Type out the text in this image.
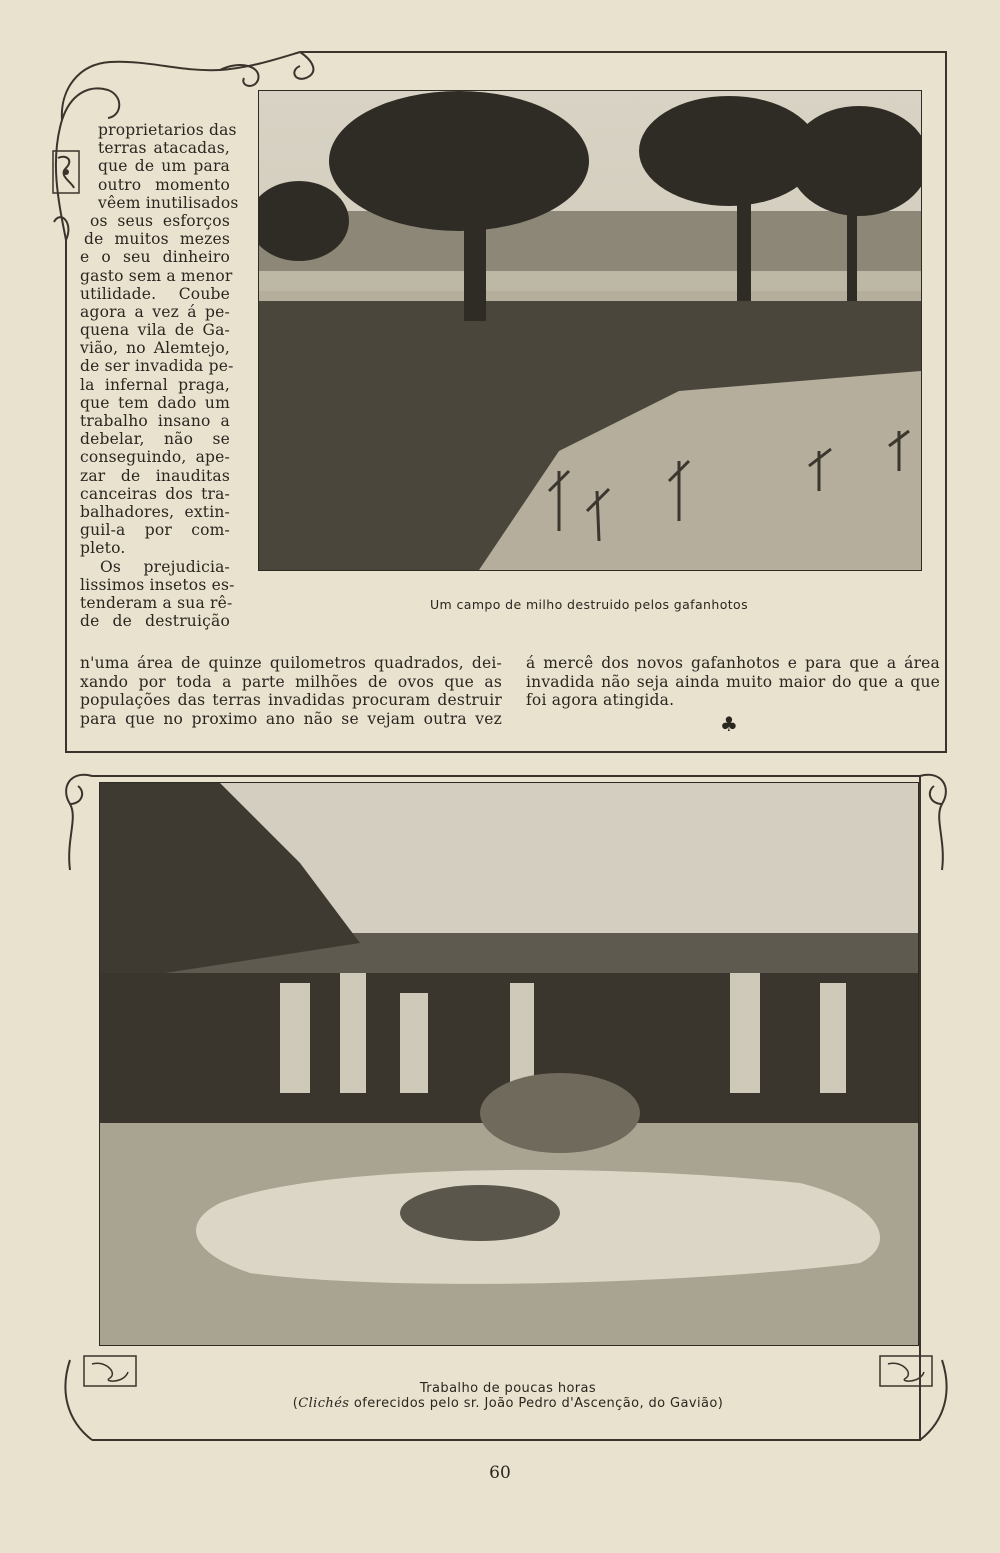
Um campo de milho destruido pelos gafanhotos
proprietarios das
terras atacadas,
que de um para
outro momento
vêem inutilisados
os seus esforços
de muitos mezes
e o seu dinheiro
gasto sem a menor
utilidade. Coube
agora a vez á pe-
quena vila de Ga-
vião, no Alemtejo,
de ser invadida pe-
la infernal praga,
que tem dado um
trabalho insano a
debelar, não se
conseguindo, ape-
zar de inauditas
canceiras dos tra-
balhadores, extin-
guil-a por com-
pleto.
Os prejudicia-
lissimos insetos es-
tenderam a sua rê-
de de destruição
n'uma área de quinze quilometros quadrados, dei-
xando por toda a parte milhões de ovos que as
populações das terras invadidas procuram destruir
para que no proximo ano não se vejam outra vez
á mercê dos novos gafanhotos e para que a área
invadida não seja ainda muito maior do que a que
foi agora atingida.
♣
Trabalho de poucas horas
(Clichés oferecidos pelo sr. João Pedro d'Ascenção, do Gavião)
60
